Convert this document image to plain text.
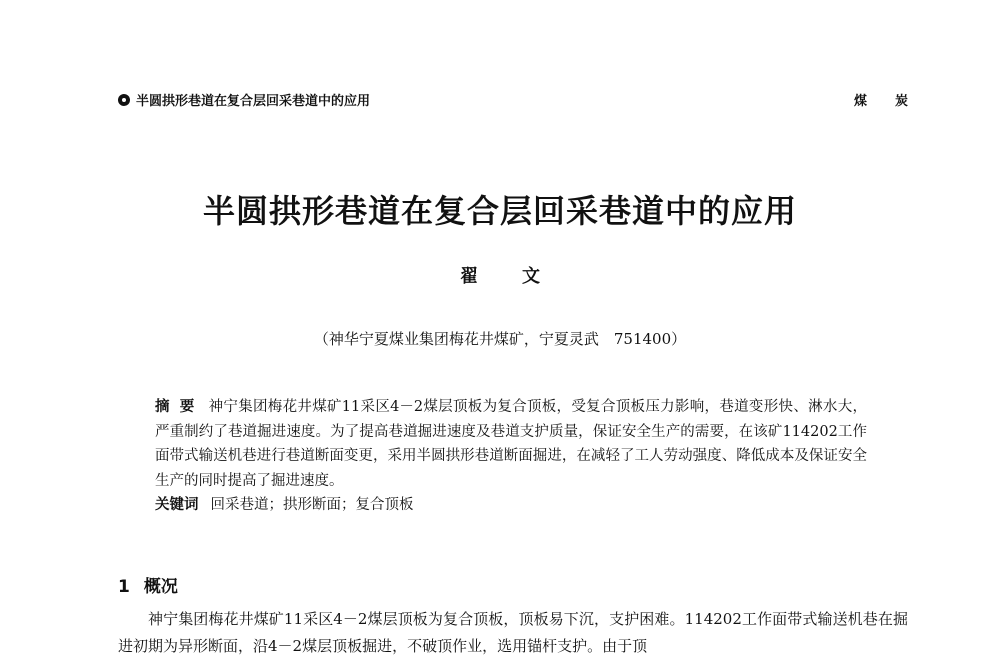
半圆拱形巷道在复合层回采巷道中的应用	煤炭
半圆拱形巷道在复合层回采巷道中的应用
翟文
（神华宁夏煤业集团梅花井煤矿，宁夏灵武　751400）
摘要 神宁集团梅花井煤矿11采区4－2煤层顶板为复合顶板，受复合顶板压力影响，巷道变形快、淋水大，严重制约了巷道掘进速度。为了提高巷道掘进速度及巷道支护质量，保证安全生产的需要，在该矿114202工作面带式输送机巷进行巷道断面变更，采用半圆拱形巷道断面掘进，在减轻了工人劳动强度、降低成本及保证安全生产的同时提高了掘进速度。
关键词 回采巷道；拱形断面；复合顶板
1 概况
神宁集团梅花井煤矿11采区4－2煤层顶板为复合顶板，顶板易下沉，支护困难。114202工作面带式输送机巷在掘进初期为异形断面，沿4－2煤层顶板掘进，不破顶作业，选用锚杆支护。由于顶
